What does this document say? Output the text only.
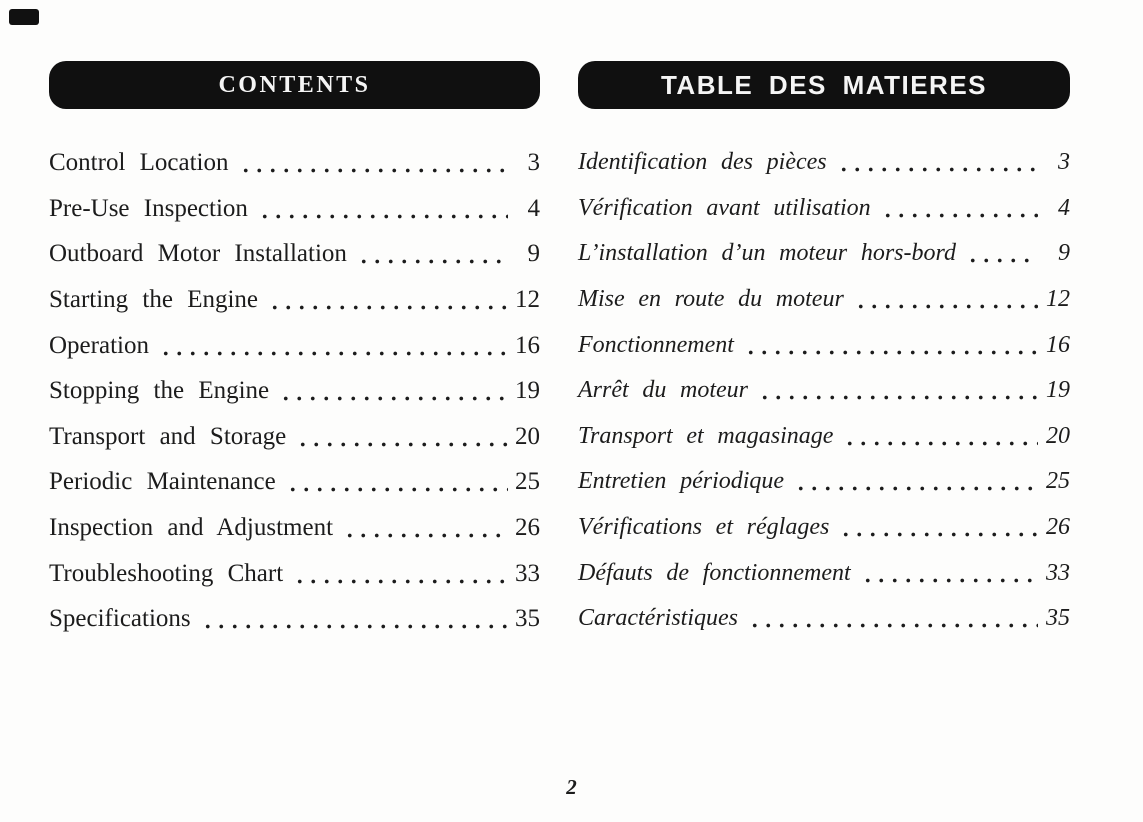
CONTENTS
Control Location	3
Pre-Use Inspection	4
Outboard Motor Installation	9
Starting the Engine	12
Operation	16
Stopping the Engine	19
Transport and Storage	20
Periodic Maintenance	25
Inspection and Adjustment	26
Troubleshooting Chart	33
Specifications	35
TABLE DES MATIERES
Identification des pièces	3
Vérification avant utilisation	4
L’installation d’un moteur hors-bord	9
Mise en route du moteur	12
Fonctionnement	16
Arrêt du moteur	19
Transport et magasinage	20
Entretien périodique	25
Vérifications et réglages	26
Défauts de fonctionnement	33
Caractéristiques	35
2
